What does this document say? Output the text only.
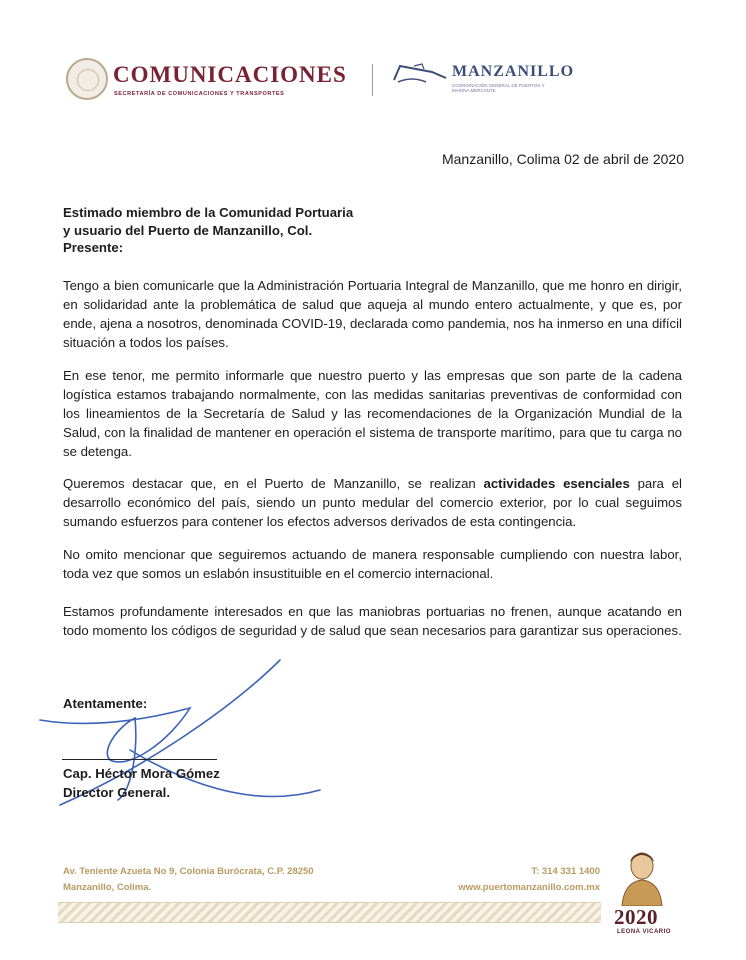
COMUNICACIONES
SECRETARÍA DE COMUNICACIONES Y TRANSPORTES
MANZANILLO
COORDINACIÓN GENERAL DE PUERTOS Y MARINA MERCANTE
Manzanillo, Colima 02 de abril de 2020
Estimado miembro de la Comunidad Portuaria
y usuario del Puerto de Manzanillo, Col.
Presente:

Tengo a bien comunicarle que la Administración Portuaria Integral de Manzanillo, que me honro en dirigir, en solidaridad ante la problemática de salud que aqueja al mundo entero actualmente, y que es, por ende, ajena a nosotros, denominada COVID-19, declarada como pandemia, nos ha inmerso en una difícil situación a todos los países.

En ese tenor, me permito informarle que nuestro puerto y las empresas que son parte de la cadena logística estamos trabajando normalmente, con las medidas sanitarias preventivas de conformidad con los lineamientos de la Secretaría de Salud y las recomendaciones de la Organización Mundial de la Salud, con la finalidad de mantener en operación el sistema de transporte marítimo, para que tu carga no se detenga.

Queremos destacar que, en el Puerto de Manzanillo, se realizan actividades esenciales para el desarrollo económico del país, siendo un punto medular del comercio exterior, por lo cual seguimos sumando esfuerzos para contener los efectos adversos derivados de esta contingencia.

No omito mencionar que seguiremos actuando de manera responsable cumpliendo con nuestra labor, toda vez que somos un eslabón insustituible en el comercio internacional.

Estamos profundamente interesados en que las maniobras portuarias no frenen, aunque acatando en todo momento los códigos de seguridad y de salud que sean necesarios para garantizar sus operaciones.

Atentamente:
Cap. Héctor Mora Gómez
Director General.
Av. Teniente Azueta No 9, Colonia Burócrata, C.P. 28250
Manzanillo, Colima.
T: 314 331 1400
www.puertomanzanillo.com.mx
2020
LEONA VICARIO
